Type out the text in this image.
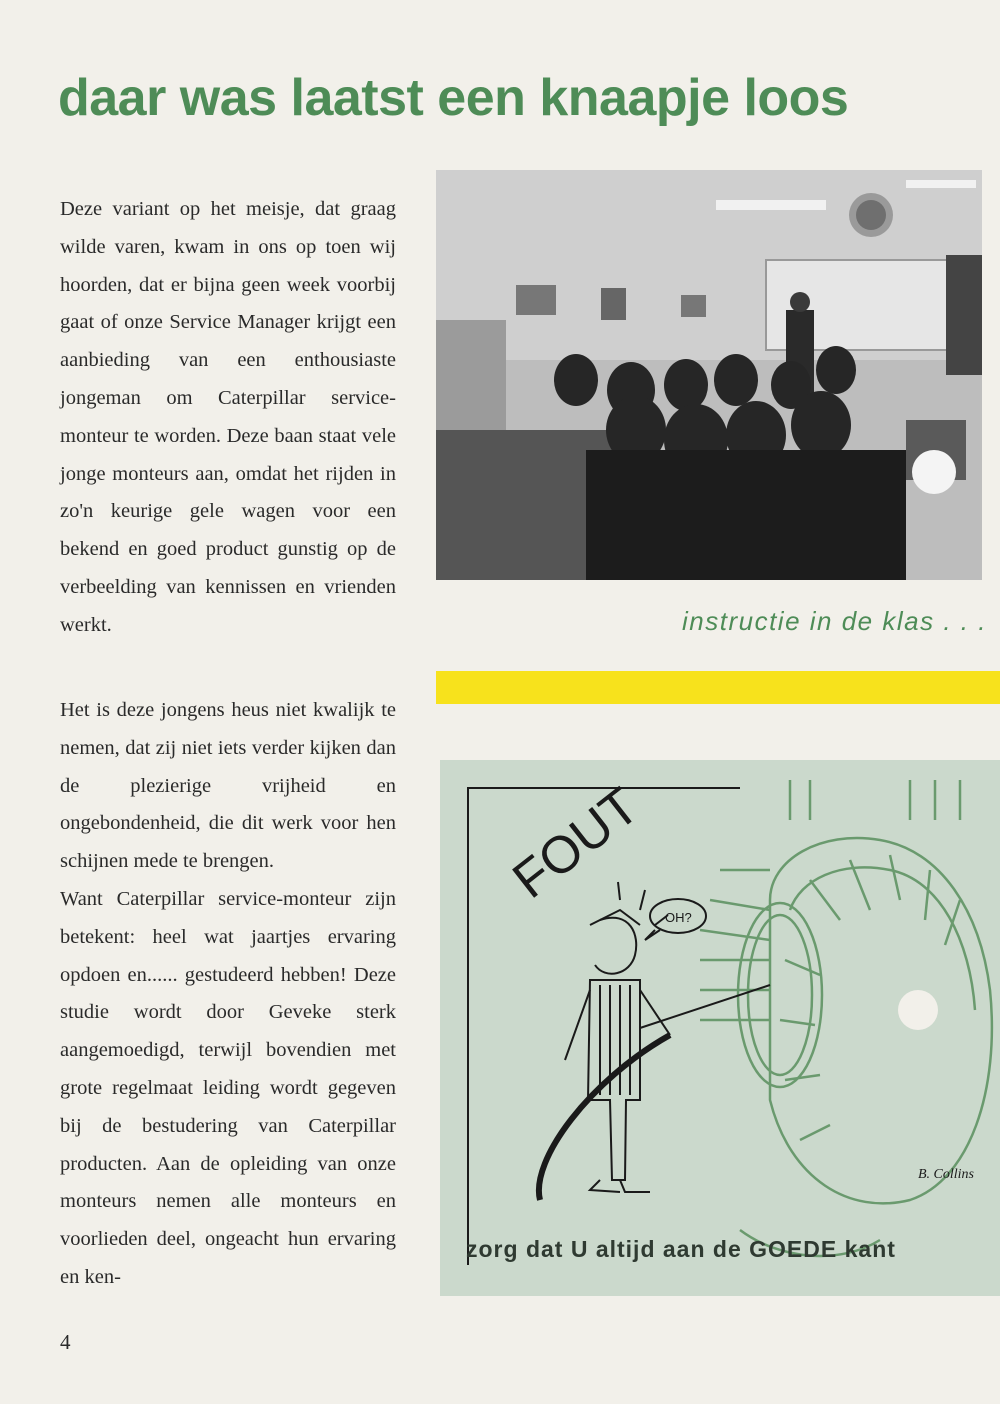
daar was laatst een knaapje loos
Deze variant op het meisje, dat graag wilde varen, kwam in ons op toen wij hoorden, dat er bijna geen week voorbij gaat of onze Service Manager krijgt een aanbieding van een enthousiaste jongeman om Caterpillar service-monteur te worden. Deze baan staat vele jonge monteurs aan, omdat het rijden in zo'n keurige gele wagen voor een bekend en goed product gunstig op de verbeelding van kennissen en vrienden werkt.
Het is deze jongens heus niet kwalijk te nemen, dat zij niet iets verder kijken dan de plezierige vrijheid en ongebondenheid, die dit werk voor hen schijnen mede te brengen.
Want Caterpillar service-monteur zijn betekent: heel wat jaartjes ervaring opdoen en...... gestudeerd hebben! Deze studie wordt door Geveke sterk aangemoedigd, terwijl bovendien met grote regelmaat leiding wordt gegeven bij de bestudering van Caterpillar producten. Aan de opleiding van onze monteurs nemen alle monteurs en voorlieden deel, ongeacht hun ervaring en ken-
instructie in de klas . . .
FOUT
OH?
B. Collins
zorg dat U altijd aan de GOEDE kant
4
